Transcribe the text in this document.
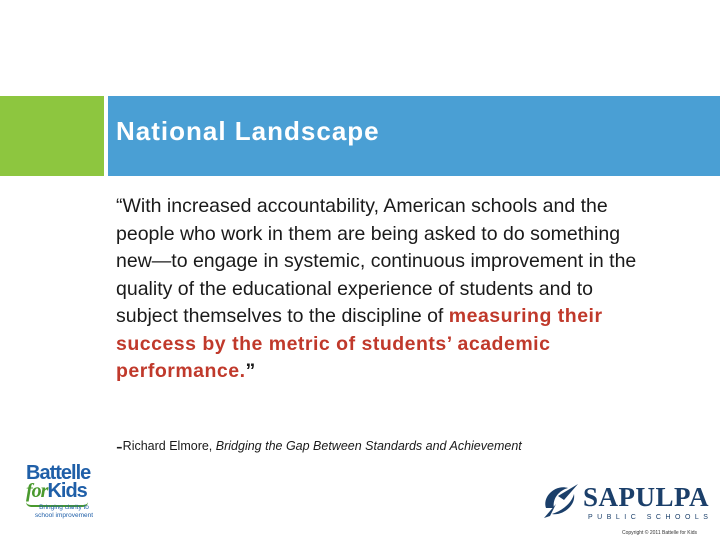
National Landscape
“With increased accountability, American schools and the people who work in them are being asked to do something new—to engage in systemic, continuous improvement in the quality of the educational experience of students and to subject themselves to the discipline of measuring their success by the metric of students’ academic performance.”
-Richard Elmore, Bridging the Gap Between Standards and Achievement
Battelle
forKids
Bringing clarity to school improvement
SAPULPA
PUBLIC SCHOOLS
Copyright © 2011 Battelle for Kids
